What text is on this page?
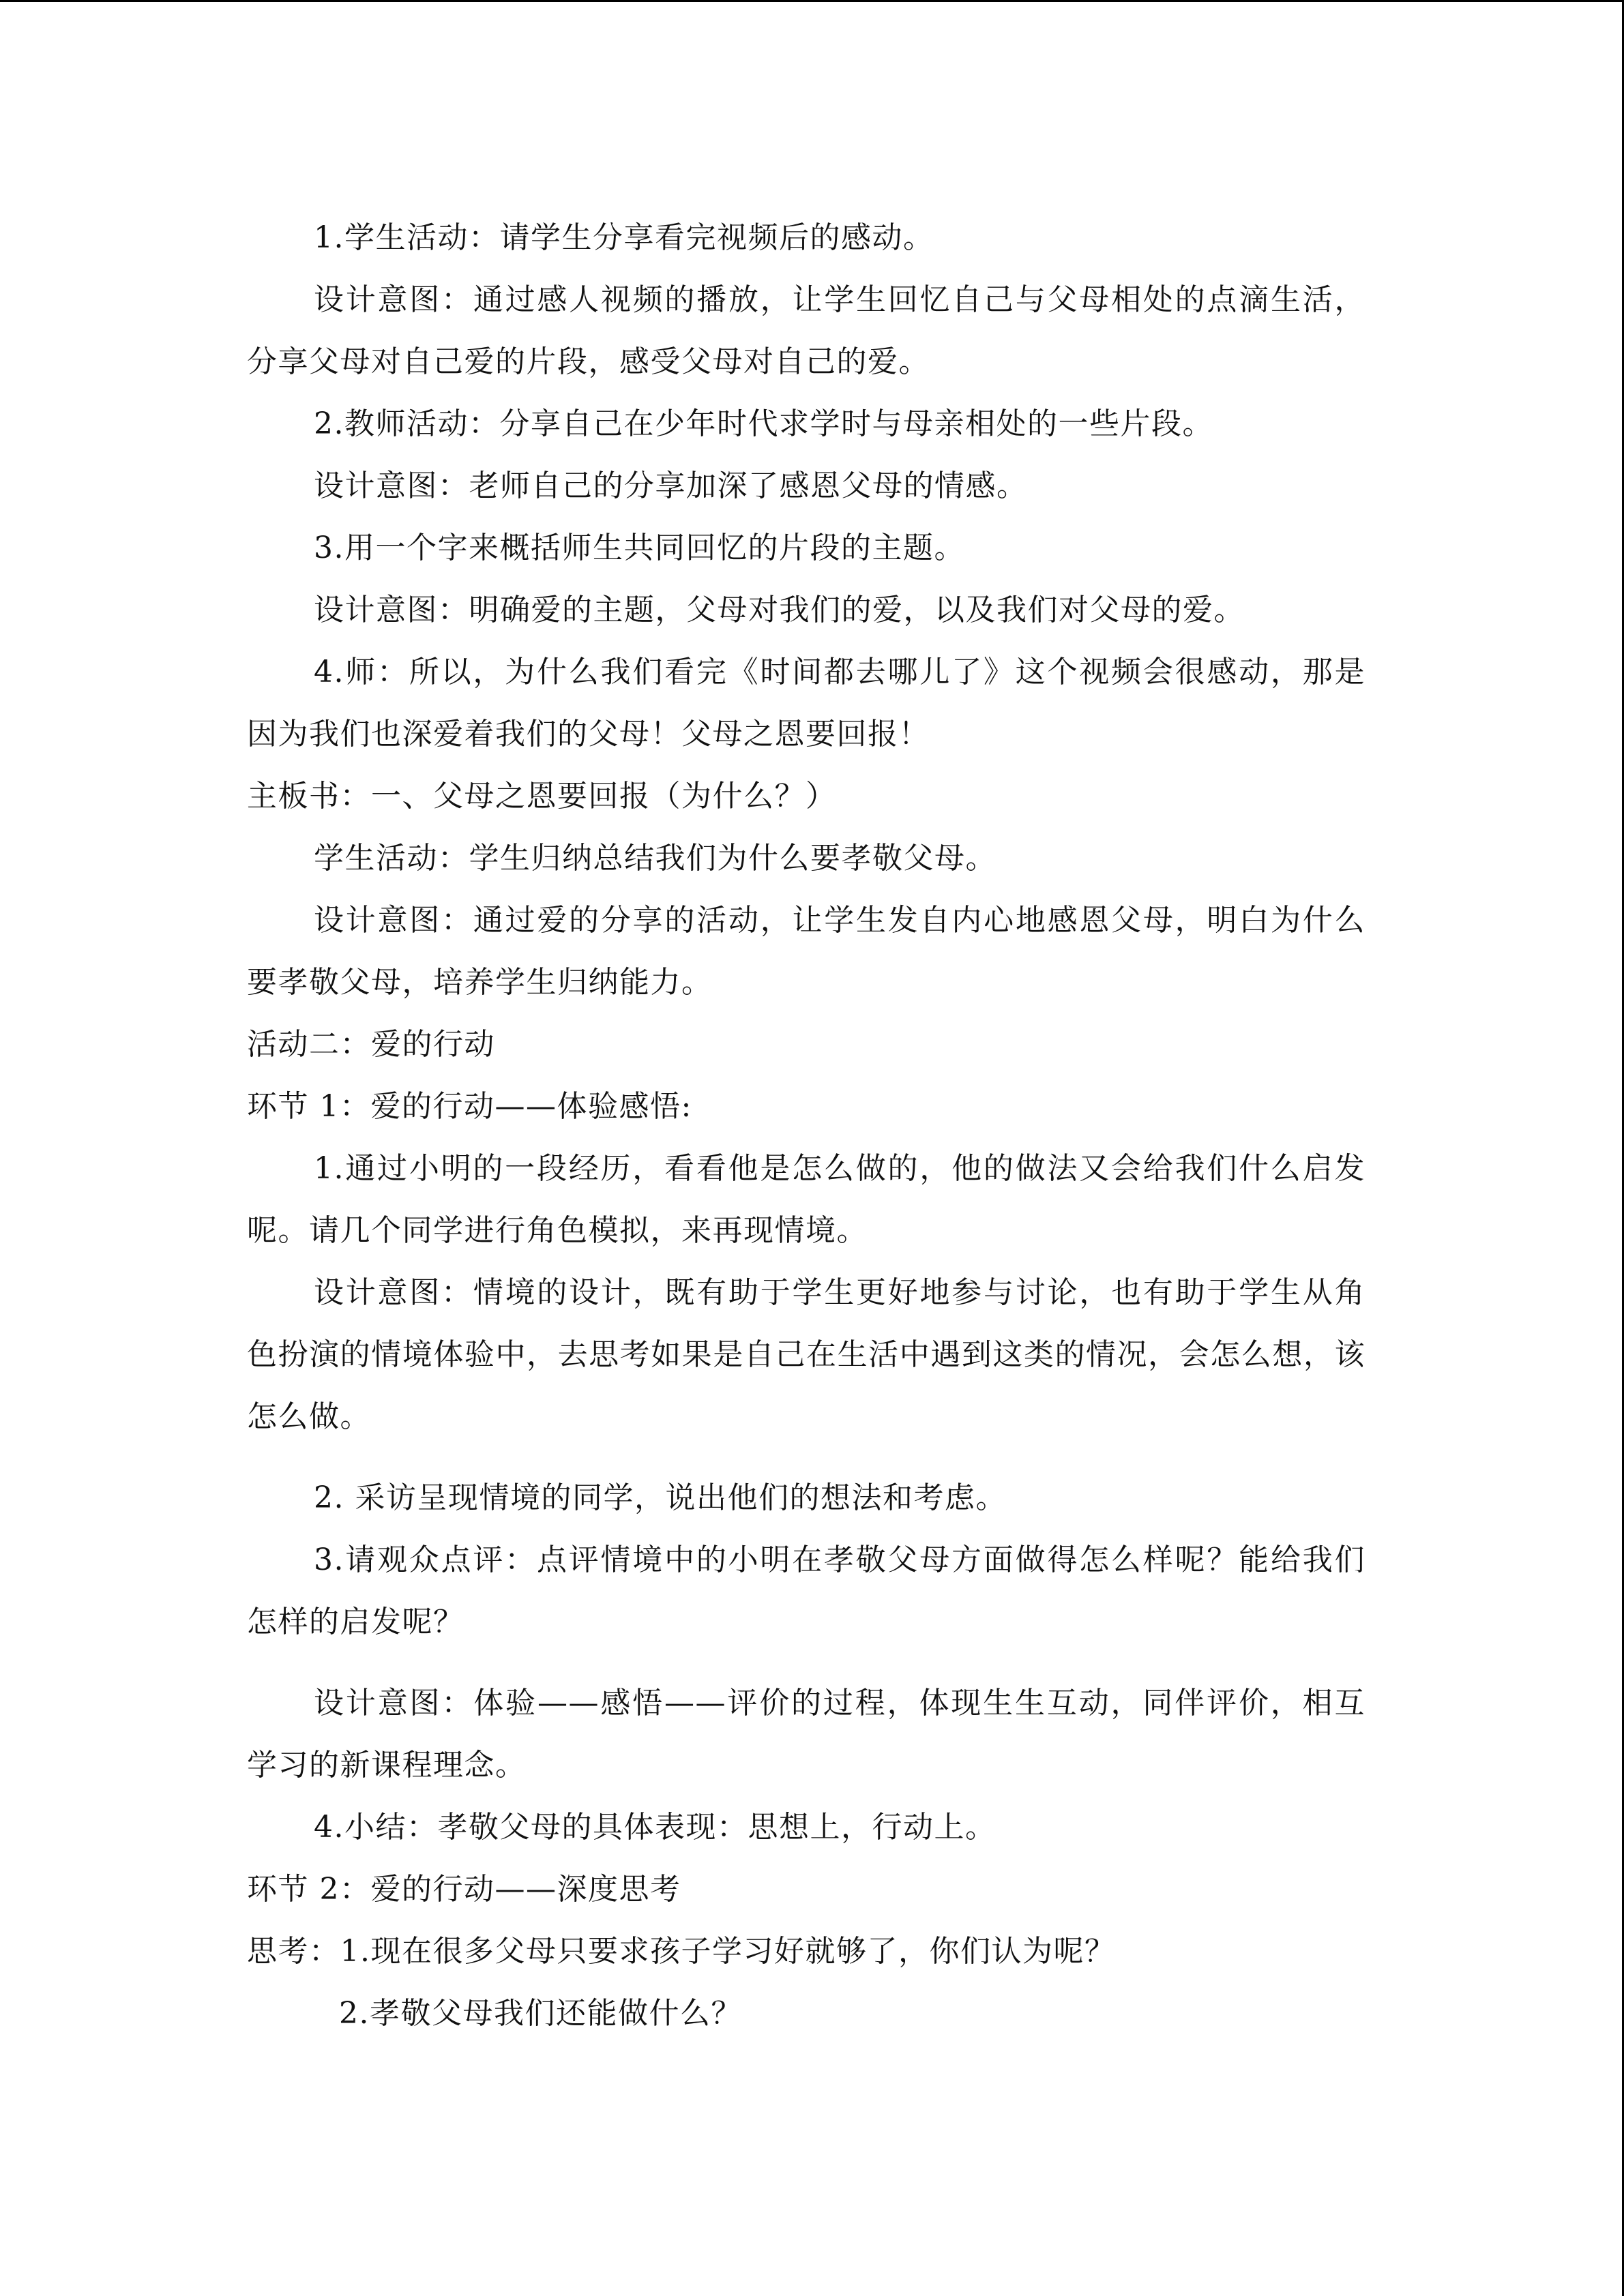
1.学生活动：请学生分享看完视频后的感动。

设计意图：通过感人视频的播放，让学生回忆自己与父母相处的点滴生活，分享父母对自己爱的片段，感受父母对自己的爱。

2.教师活动：分享自己在少年时代求学时与母亲相处的一些片段。

设计意图：老师自己的分享加深了感恩父母的情感。

3.用一个字来概括师生共同回忆的片段的主题。

设计意图：明确爱的主题，父母对我们的爱，以及我们对父母的爱。

4.师：所以，为什么我们看完《时间都去哪儿了》这个视频会很感动，那是因为我们也深爱着我们的父母！父母之恩要回报！

主板书：一、父母之恩要回报（为什么？）

学生活动：学生归纳总结我们为什么要孝敬父母。

设计意图：通过爱的分享的活动，让学生发自内心地感恩父母，明白为什么要孝敬父母，培养学生归纳能力。

活动二：爱的行动

环节 1：爱的行动——体验感悟:

1.通过小明的一段经历，看看他是怎么做的，他的做法又会给我们什么启发呢。请几个同学进行角色模拟，来再现情境。

设计意图：情境的设计，既有助于学生更好地参与讨论，也有助于学生从角色扮演的情境体验中，去思考如果是自己在生活中遇到这类的情况，会怎么想，该怎么做。

2. 采访呈现情境的同学，说出他们的想法和考虑。

3.请观众点评：点评情境中的小明在孝敬父母方面做得怎么样呢？能给我们怎样的启发呢？

设计意图：体验——感悟——评价的过程，体现生生互动，同伴评价，相互学习的新课程理念。

4.小结：孝敬父母的具体表现：思想上，行动上。

环节 2：爱的行动——深度思考

思考：1.现在很多父母只要求孩子学习好就够了，你们认为呢？

2.孝敬父母我们还能做什么？
